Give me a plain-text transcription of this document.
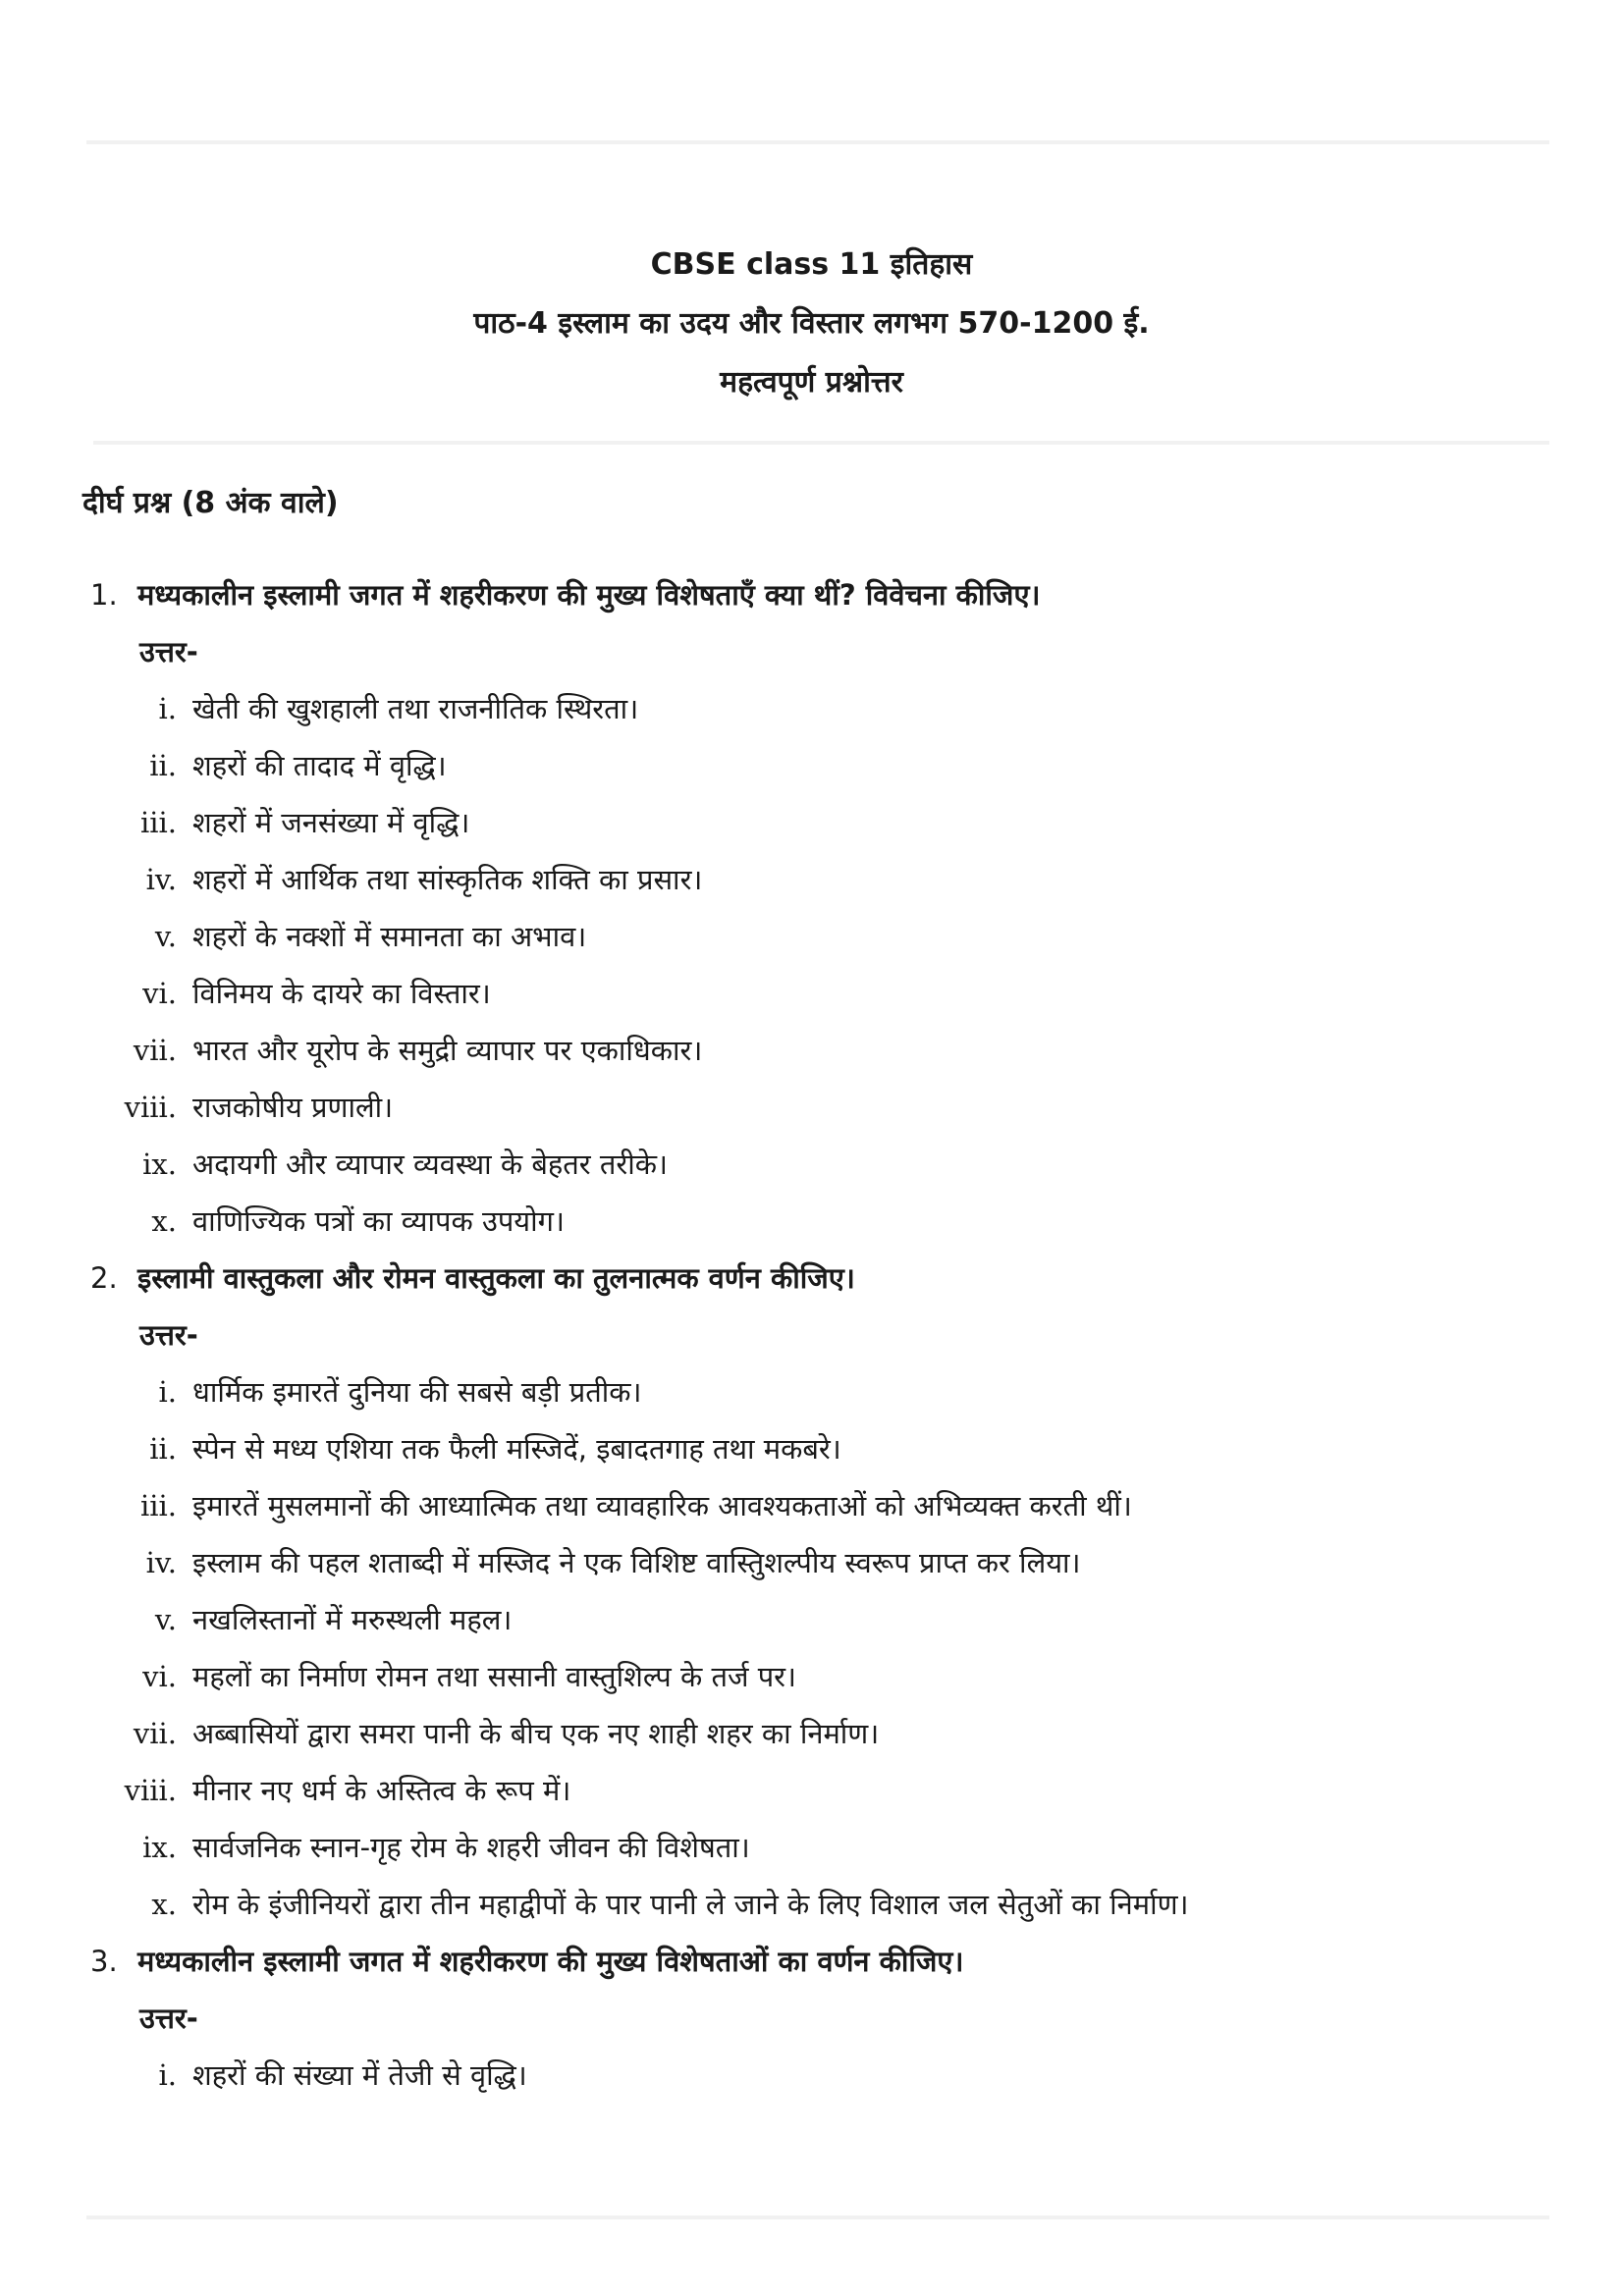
CBSE class 11 इतिहास
पाठ-4 इस्लाम का उदय और विस्तार लगभग 570-1200 ई.
महत्वपूर्ण प्रश्नोत्तर
दीर्घ प्रश्न (8 अंक वाले)
1. मध्यकालीन इस्लामी जगत में शहरीकरण की मुख्य विशेषताएँ क्या थीं? विवेचना कीजिए।
उत्तर-
i. खेती की खुशहाली तथा राजनीतिक स्थिरता।
ii. शहरों की तादाद में वृद्धि।
iii. शहरों में जनसंख्या में वृद्धि।
iv. शहरों में आर्थिक तथा सांस्कृतिक शक्ति का प्रसार।
v. शहरों के नक्शों में समानता का अभाव।
vi. विनिमय के दायरे का विस्तार।
vii. भारत और यूरोप के समुद्री व्यापार पर एकाधिकार।
viii. राजकोषीय प्रणाली।
ix. अदायगी और व्यापार व्यवस्था के बेहतर तरीके।
x. वाणिज्यिक पत्रों का व्यापक उपयोग।
2. इस्लामी वास्तुकला और रोमन वास्तुकला का तुलनात्मक वर्णन कीजिए।
उत्तर-
i. धार्मिक इमारतें दुनिया की सबसे बड़ी प्रतीक।
ii. स्पेन से मध्य एशिया तक फैली मस्जिदें, इबादतगाह तथा मकबरे।
iii. इमारतें मुसलमानों की आध्यात्मिक तथा व्यावहारिक आवश्यकताओं को अभिव्यक्त करती थीं।
iv. इस्लाम की पहल शताब्दी में मस्जिद ने एक विशिष्ट वास्तुिशल्पीय स्वरूप प्राप्त कर लिया।
v. नखलिस्तानों में मरुस्थली महल।
vi. महलों का निर्माण रोमन तथा ससानी वास्तुशिल्प के तर्ज पर।
vii. अब्बासियों द्वारा समरा पानी के बीच एक नए शाही शहर का निर्माण।
viii. मीनार नए धर्म के अस्तित्व के रूप में।
ix. सार्वजनिक स्नान-गृह रोम के शहरी जीवन की विशेषता।
x. रोम के इंजीनियरों द्वारा तीन महाद्वीपों के पार पानी ले जाने के लिए विशाल जल सेतुओं का निर्माण।
3. मध्यकालीन इस्लामी जगत में शहरीकरण की मुख्य विशेषताओं का वर्णन कीजिए।
उत्तर-
i. शहरों की संख्या में तेजी से वृद्धि।
